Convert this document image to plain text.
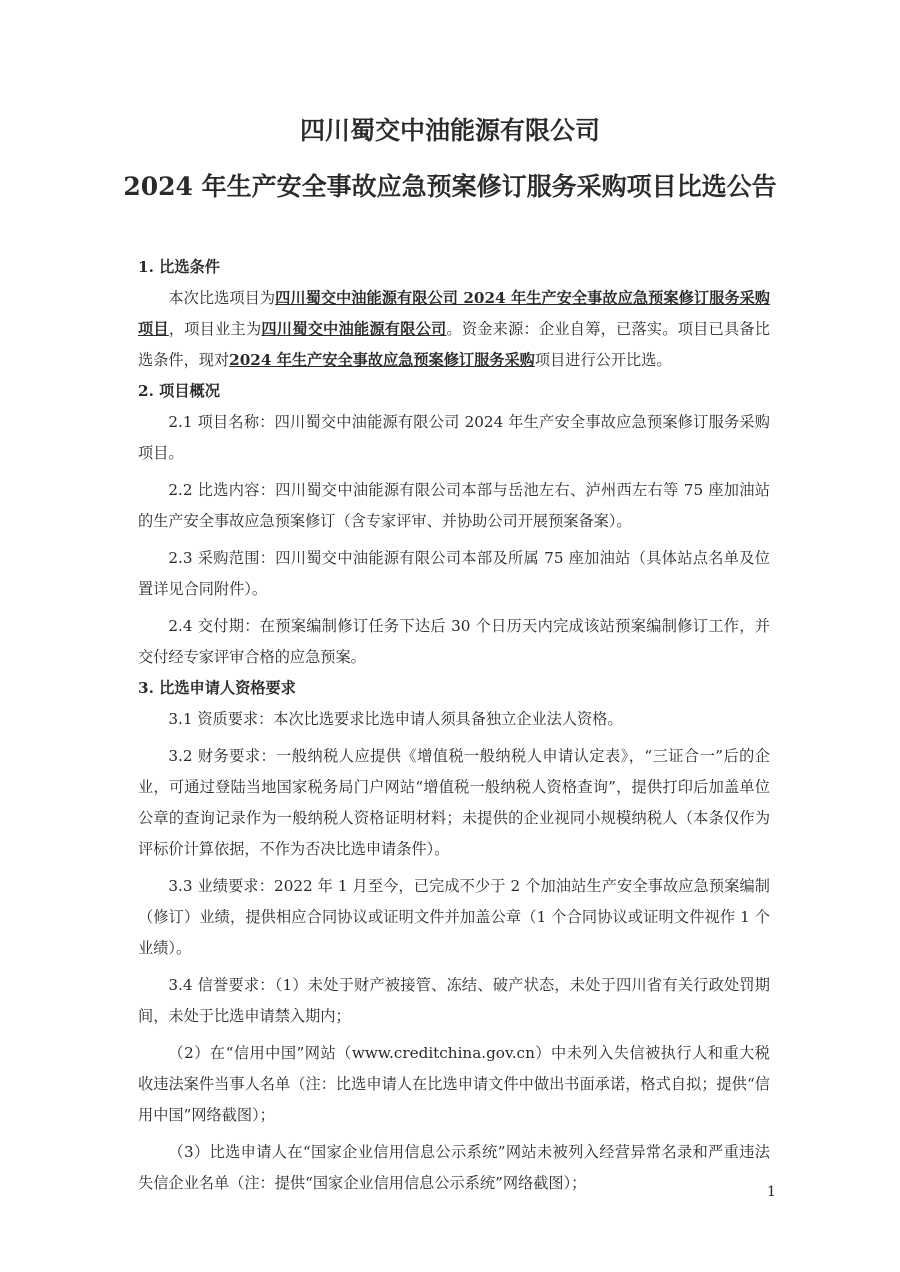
四川蜀交中油能源有限公司
2024 年生产安全事故应急预案修订服务采购项目比选公告
1. 比选条件
本次比选项目为四川蜀交中油能源有限公司 2024 年生产安全事故应急预案修订服务采购项目，项目业主为四川蜀交中油能源有限公司。资金来源：企业自筹，已落实。项目已具备比选条件，现对2024 年生产安全事故应急预案修订服务采购项目进行公开比选。
2. 项目概况
2.1 项目名称：四川蜀交中油能源有限公司 2024 年生产安全事故应急预案修订服务采购项目。
2.2 比选内容：四川蜀交中油能源有限公司本部与岳池左右、泸州西左右等 75 座加油站的生产安全事故应急预案修订（含专家评审、并协助公司开展预案备案）。
2.3 采购范围：四川蜀交中油能源有限公司本部及所属 75 座加油站（具体站点名单及位置详见合同附件）。
2.4 交付期：在预案编制修订任务下达后 30 个日历天内完成该站预案编制修订工作，并交付经专家评审合格的应急预案。
3. 比选申请人资格要求
3.1 资质要求：本次比选要求比选申请人须具备独立企业法人资格。
3.2 财务要求：一般纳税人应提供《增值税一般纳税人申请认定表》，“三证合一”后的企业，可通过登陆当地国家税务局门户网站“增值税一般纳税人资格查询”，提供打印后加盖单位公章的查询记录作为一般纳税人资格证明材料；未提供的企业视同小规模纳税人（本条仅作为评标价计算依据，不作为否决比选申请条件）。
3.3 业绩要求：2022 年 1 月至今，已完成不少于 2 个加油站生产安全事故应急预案编制（修订）业绩，提供相应合同协议或证明文件并加盖公章（1 个合同协议或证明文件视作 1 个业绩）。
3.4 信誉要求：（1）未处于财产被接管、冻结、破产状态，未处于四川省有关行政处罚期间，未处于比选申请禁入期内；
（2）在“信用中国”网站（www.creditchina.gov.cn）中未列入失信被执行人和重大税收违法案件当事人名单（注：比选申请人在比选申请文件中做出书面承诺，格式自拟；提供“信用中国”网络截图）；
（3）比选申请人在“国家企业信用信息公示系统”网站未被列入经营异常名录和严重违法失信企业名单（注：提供“国家企业信用信息公示系统”网络截图）；	1
